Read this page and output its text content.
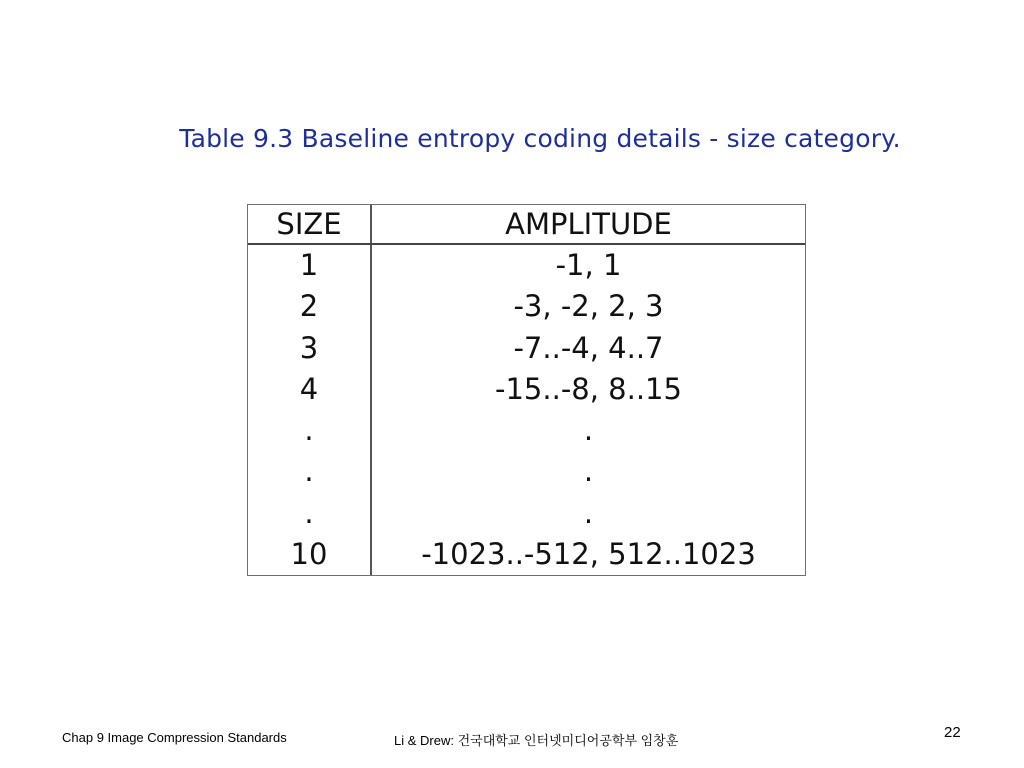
Table 9.3 Baseline entropy coding details - size category.
SIZE	AMPLITUDE
1	-1, 1
2	-3, -2, 2, 3
3	-7..-4, 4..7
4	-15..-8, 8..15
.	.
.	.
.	.
10	-1023..-512, 512..1023
Chap 9 Image Compression Standards	Li & Drew: 건국대학교 인터넷미디어공학부 임창훈	22
